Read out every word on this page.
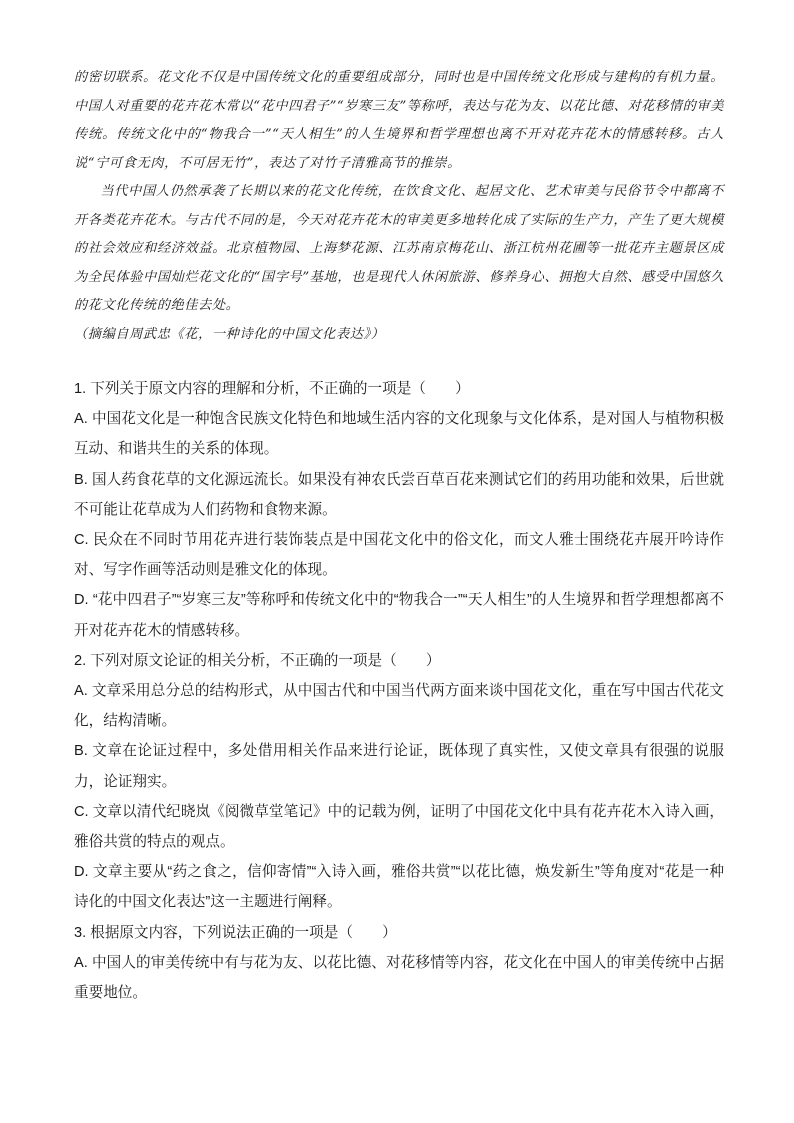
的密切联系。花文化不仅是中国传统文化的重要组成部分，同时也是中国传统文化形成与建构的有机力量。中国人对重要的花卉花木常以“花中四君子”“岁寒三友”等称呼，表达与花为友、以花比德、对花移情的审美传统。传统文化中的“物我合一”“天人相生”的人生境界和哲学理想也离不开对花卉花木的情感转移。古人说“宁可食无肉，不可居无竹”，表达了对竹子清雅高节的推崇。

当代中国人仍然承袭了长期以来的花文化传统，在饮食文化、起居文化、艺术审美与民俗节令中都离不开各类花卉花木。与古代不同的是，今天对花卉花木的审美更多地转化成了实际的生产力，产生了更大规模的社会效应和经济效益。北京植物园、上海梦花源、江苏南京梅花山、浙江杭州花圃等一批花卉主题景区成为全民体验中国灿烂花文化的“国字号”基地，也是现代人休闲旅游、修养身心、拥抱大自然、感受中国悠久的花文化传统的绝佳去处。

（摘编自周武忠《花，一种诗化的中国文化表达》）

1. 下列关于原文内容的理解和分析，不正确的一项是（　　）

A. 中国花文化是一种饱含民族文化特色和地域生活内容的文化现象与文化体系，是对国人与植物积极互动、和谐共生的关系的体现。

B. 国人药食花草的文化源远流长。如果没有神农氏尝百草百花来测试它们的药用功能和效果，后世就不可能让花草成为人们药物和食物来源。

C. 民众在不同时节用花卉进行装饰装点是中国花文化中的俗文化，而文人雅士围绕花卉展开吟诗作对、写字作画等活动则是雅文化的体现。

D. “花中四君子”“岁寒三友”等称呼和传统文化中的“物我合一”“天人相生”的人生境界和哲学理想都离不开对花卉花木的情感转移。

2. 下列对原文论证的相关分析，不正确的一项是（　　）

A. 文章采用总分总的结构形式，从中国古代和中国当代两方面来谈中国花文化，重在写中国古代花文化，结构清晰。

B. 文章在论证过程中，多处借用相关作品来进行论证，既体现了真实性，又使文章具有很强的说服力，论证翔实。

C. 文章以清代纪晓岚《阅微草堂笔记》中的记载为例，证明了中国花文化中具有花卉花木入诗入画，雅俗共赏的特点的观点。

D. 文章主要从“药之食之，信仰寄情”“入诗入画，雅俗共赏”“以花比德，焕发新生”等角度对“花是一种诗化的中国文化表达”这一主题进行阐释。

3. 根据原文内容，下列说法正确的一项是（　　）

A. 中国人的审美传统中有与花为友、以花比德、对花移情等内容，花文化在中国人的审美传统中占据重要地位。
